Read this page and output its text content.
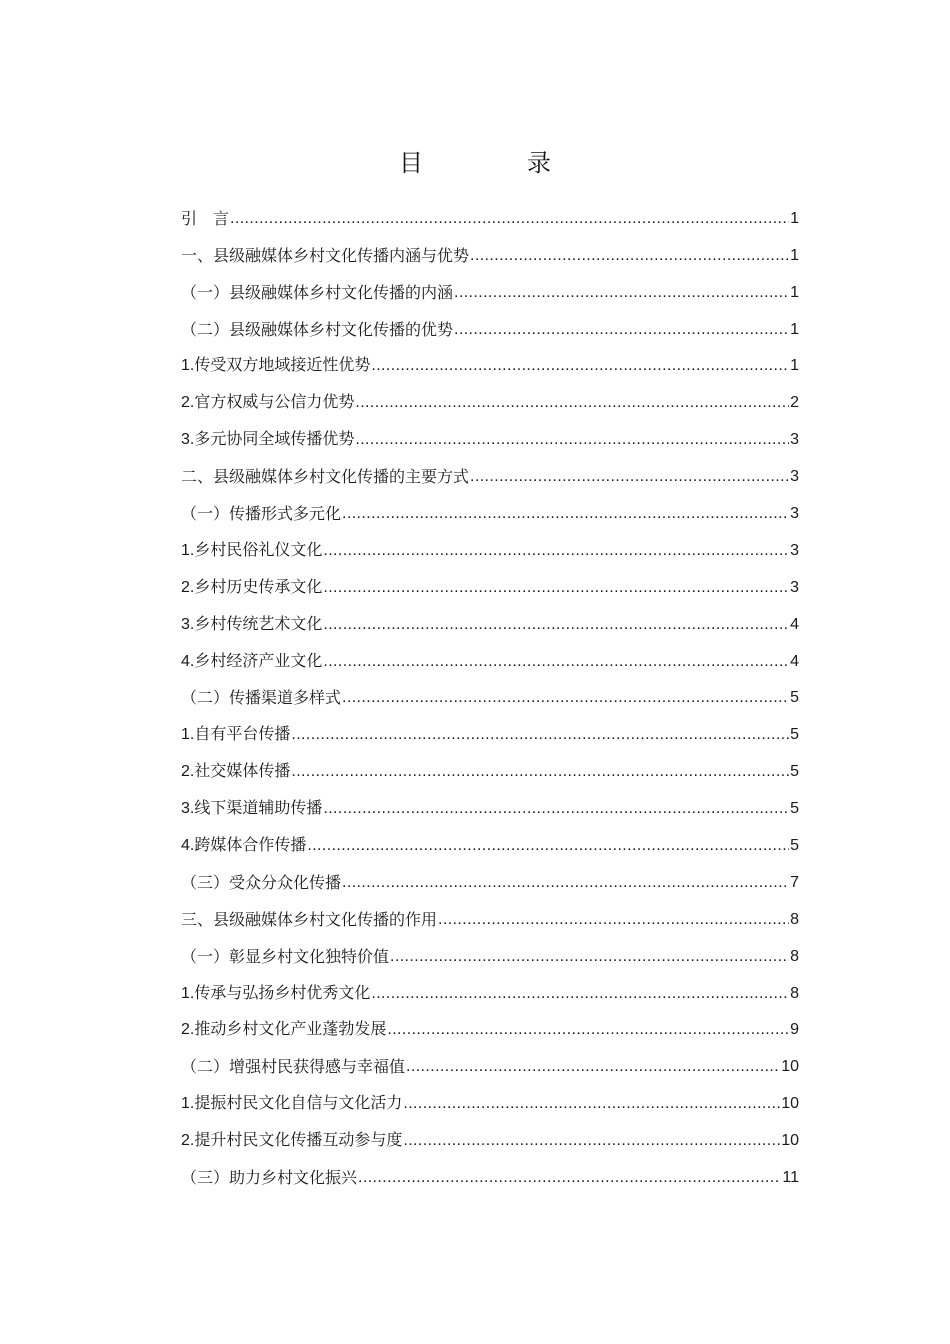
目　录
引　言 .....	1
一、县级融媒体乡村文化传播内涵与优势 .....	1
（一）县级融媒体乡村文化传播的内涵 .....	1
（二）县级融媒体乡村文化传播的优势 .....	1
1.传受双方地域接近性优势 .....	1
2.官方权威与公信力优势 .....	2
3.多元协同全域传播优势 .....	3
二、县级融媒体乡村文化传播的主要方式 .....	3
（一）传播形式多元化 .....	3
1.乡村民俗礼仪文化 .....	3
2.乡村历史传承文化 .....	3
3.乡村传统艺术文化 .....	4
4.乡村经济产业文化 .....	4
（二）传播渠道多样式 .....	5
1.自有平台传播 .....	5
2.社交媒体传播 .....	5
3.线下渠道辅助传播 .....	5
4.跨媒体合作传播 .....	5
（三）受众分众化传播 .....	7
三、县级融媒体乡村文化传播的作用 .....	8
（一）彰显乡村文化独特价值 .....	8
1.传承与弘扬乡村优秀文化 .....	8
2.推动乡村文化产业蓬勃发展 .....	9
（二）增强村民获得感与幸福值 .....	10
1.提振村民文化自信与文化活力 .....	10
2.提升村民文化传播互动参与度 .....	10
（三）助力乡村文化振兴 .....	11
